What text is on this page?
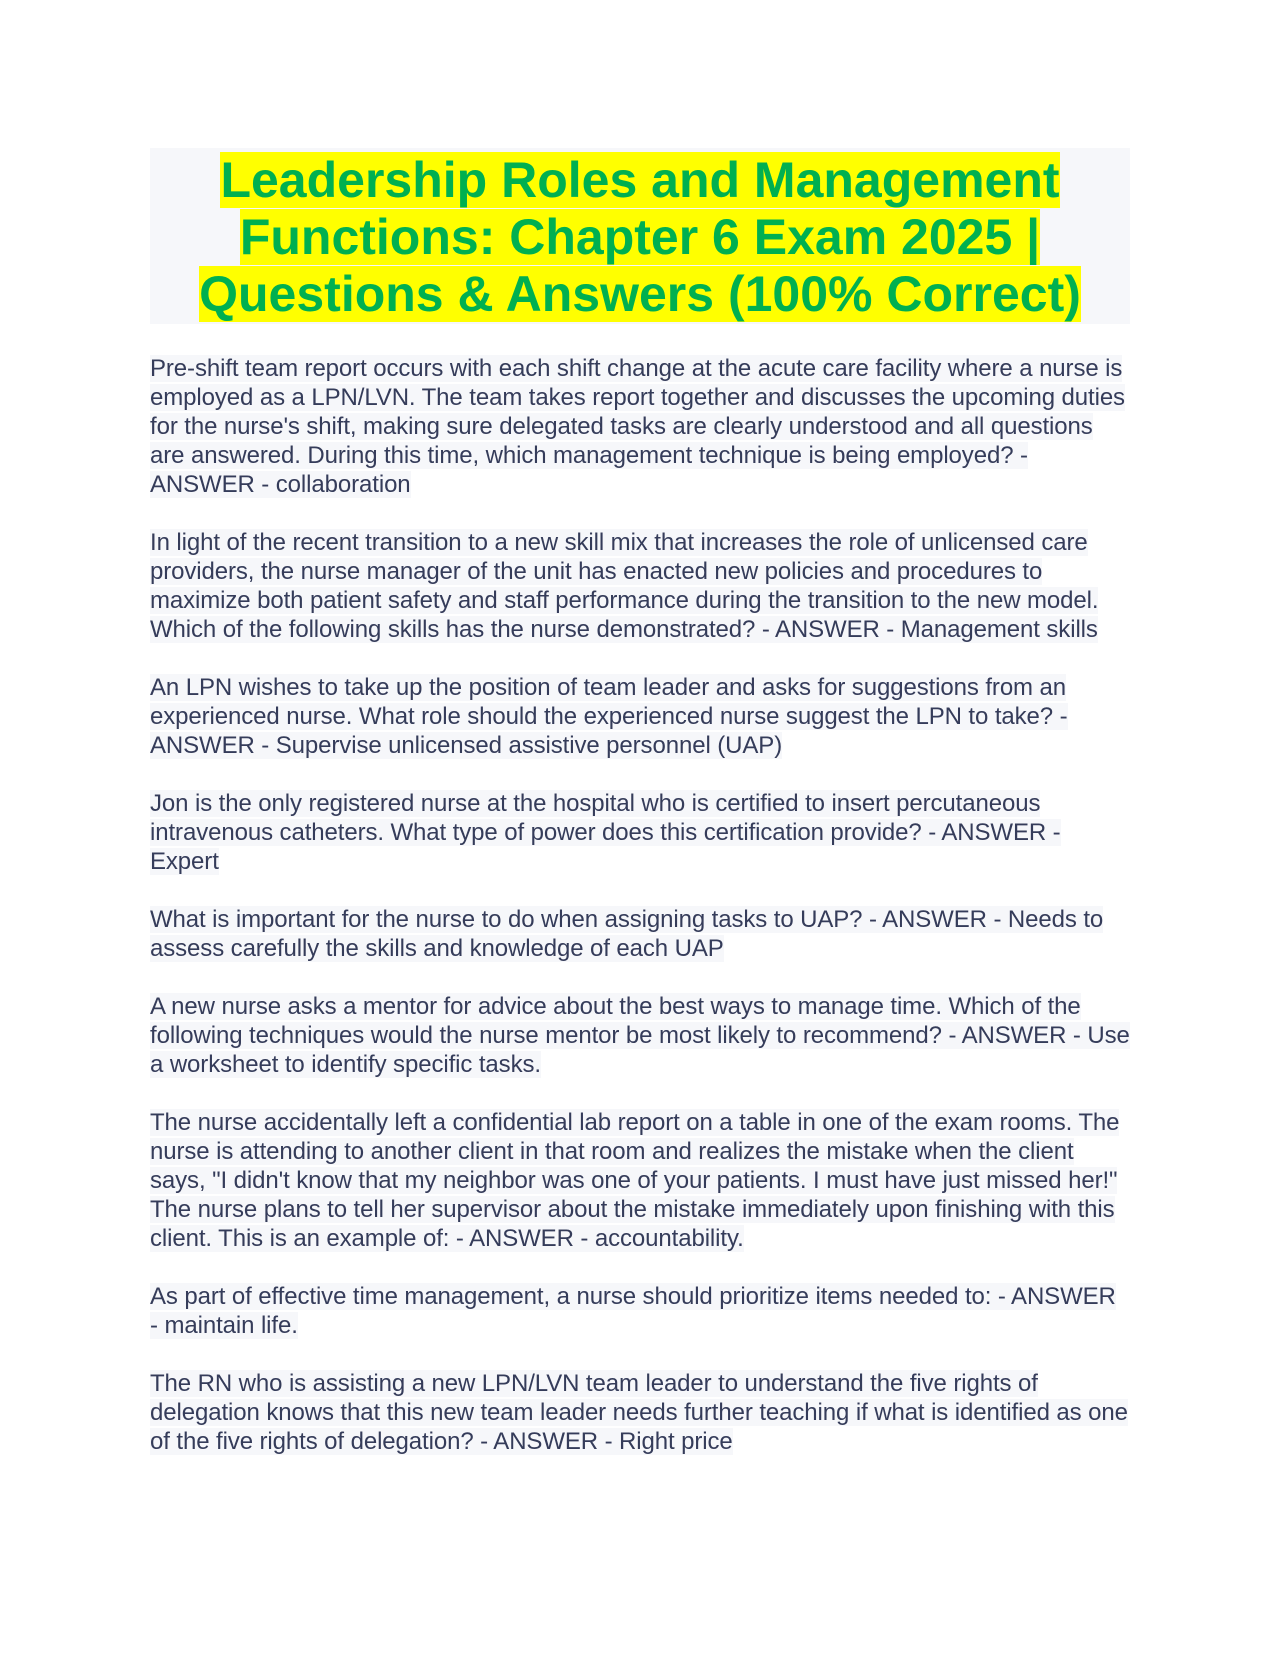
Leadership Roles and Management
Functions: Chapter 6 Exam 2025 |
Questions & Answers (100% Correct)

Pre-shift team report occurs with each shift change at the acute care facility where a nurse is employed as a LPN/LVN. The team takes report together and discusses the upcoming duties for the nurse's shift, making sure delegated tasks are clearly understood and all questions are answered. During this time, which management technique is being employed? - ANSWER - collaboration

In light of the recent transition to a new skill mix that increases the role of unlicensed care providers, the nurse manager of the unit has enacted new policies and procedures to maximize both patient safety and staff performance during the transition to the new model. Which of the following skills has the nurse demonstrated? - ANSWER - Management skills

An LPN wishes to take up the position of team leader and asks for suggestions from an experienced nurse. What role should the experienced nurse suggest the LPN to take? - ANSWER - Supervise unlicensed assistive personnel (UAP)

Jon is the only registered nurse at the hospital who is certified to insert percutaneous intravenous catheters. What type of power does this certification provide? - ANSWER - Expert

What is important for the nurse to do when assigning tasks to UAP? - ANSWER - Needs to assess carefully the skills and knowledge of each UAP

A new nurse asks a mentor for advice about the best ways to manage time. Which of the following techniques would the nurse mentor be most likely to recommend? - ANSWER - Use a worksheet to identify specific tasks.

The nurse accidentally left a confidential lab report on a table in one of the exam rooms. The nurse is attending to another client in that room and realizes the mistake when the client says, "I didn't know that my neighbor was one of your patients. I must have just missed her!" The nurse plans to tell her supervisor about the mistake immediately upon finishing with this client. This is an example of: - ANSWER - accountability.

As part of effective time management, a nurse should prioritize items needed to: - ANSWER - maintain life.

The RN who is assisting a new LPN/LVN team leader to understand the five rights of delegation knows that this new team leader needs further teaching if what is identified as one of the five rights of delegation? - ANSWER - Right price
